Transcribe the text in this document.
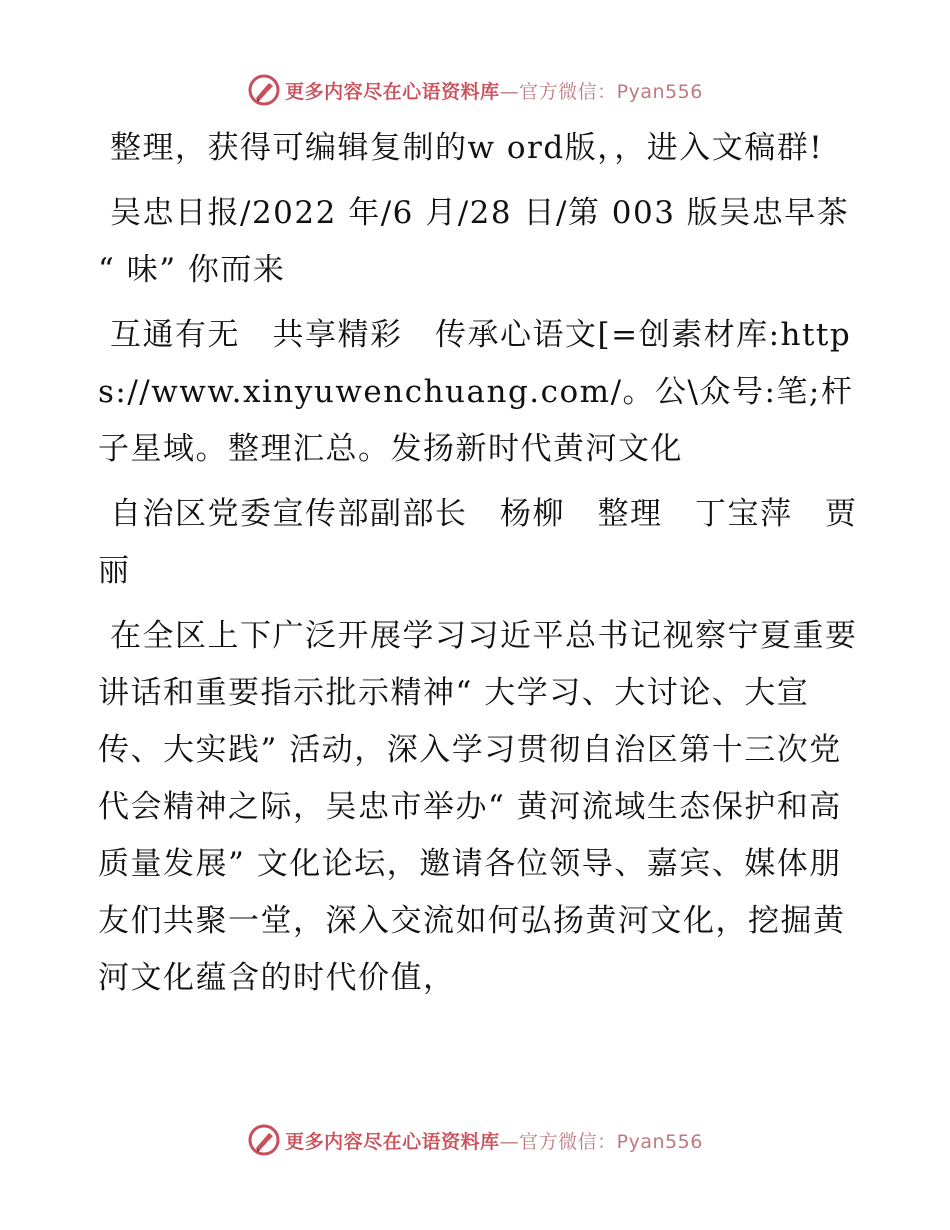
更多内容尽在心语资料库—官方微信：Pyan556

整理，获得可编辑复制的w ord版，，进入文稿群!

吴忠日报/2022 年/6 月/28 日/第 003 版吴忠早茶 “ 味” 你而来

互通有无　共享精彩　传承心语文[=创素材库:https://www.xinyuwenchuang.com/。公\众号:笔;杆子星域。整理汇总。发扬新时代黄河文化

自治区党委宣传部副部长　杨柳　整理　丁宝萍　贾丽

在全区上下广泛开展学习习近平总书记视察宁夏重要讲话和重要指示批示精神“ 大学习、大讨论、大宣传、大实践” 活动，深入学习贯彻自治区第十三次党代会精神之际，吴忠市举办“ 黄河流域生态保护和高质量发展” 文化论坛，邀请各位领导、嘉宾、媒体朋友们共聚一堂，深入交流如何弘扬黄河文化，挖掘黄河文化蕴含的时代价值，

更多内容尽在心语资料库—官方微信：Pyan556
